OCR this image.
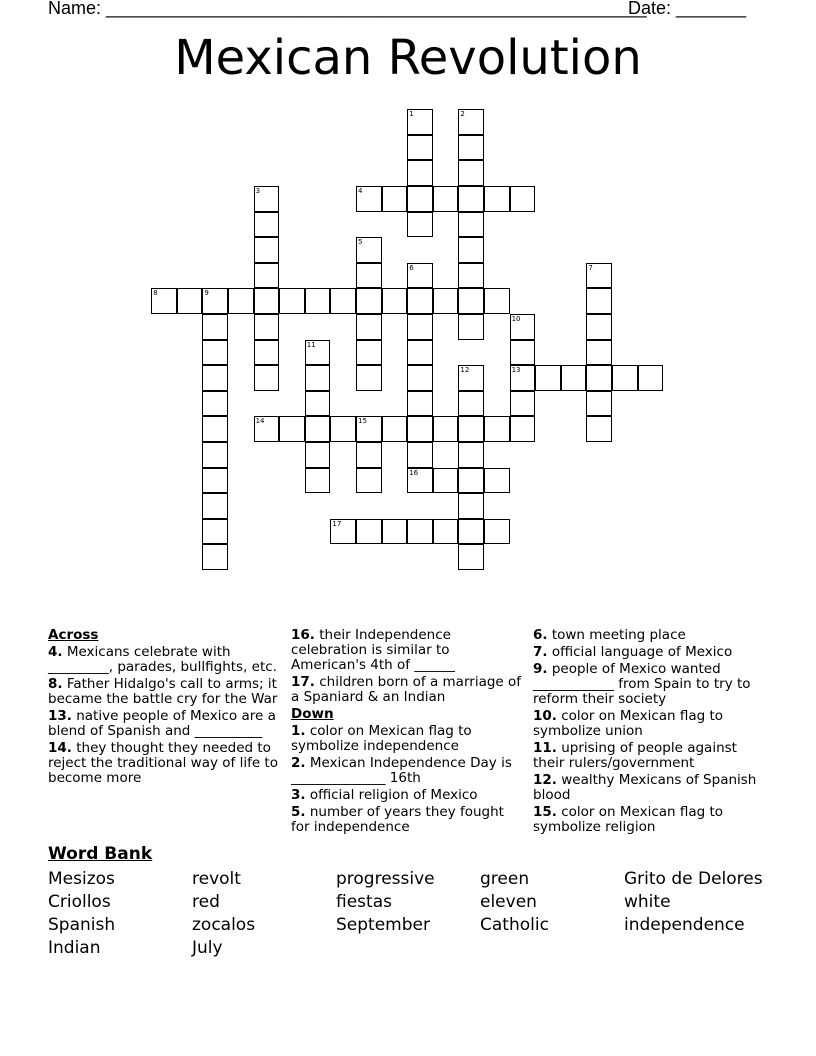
Name: ______________________________________________________
Date: _______
Mexican Revolution
1	2
3	4
5
6
16
7
8	9
10
13
11
12
14	15
17
Across

4. Mexicans celebrate with _________, parades, bullfights, etc.

8. Father Hidalgo's call to arms; it became the battle cry for the War

13. native people of Mexico are a blend of Spanish and __________

14. they thought they needed to reject the traditional way of life to become more

16. their Independence celebration is similar to American's 4th of ______

17. children born of a marriage of a Spaniard & an Indian

Down

1. color on Mexican flag to symbolize independence

2. Mexican Independence Day is ______________ 16th

3. official religion of Mexico

5. number of years they fought for independence

6. town meeting place

7. official language of Mexico

9. people of Mexico wanted ____________ from Spain to try to reform their society

10. color on Mexican flag to symbolize union

11. uprising of people against their rulers/government

12. wealthy Mexicans of Spanish blood

15. color on Mexican flag to symbolize religion

Word Bank
Mesizos	revolt	progressive	green	Grito de Delores
Criollos	red	fiestas	eleven	white
Spanish	zocalos	September	Catholic	independence
Indian	July
